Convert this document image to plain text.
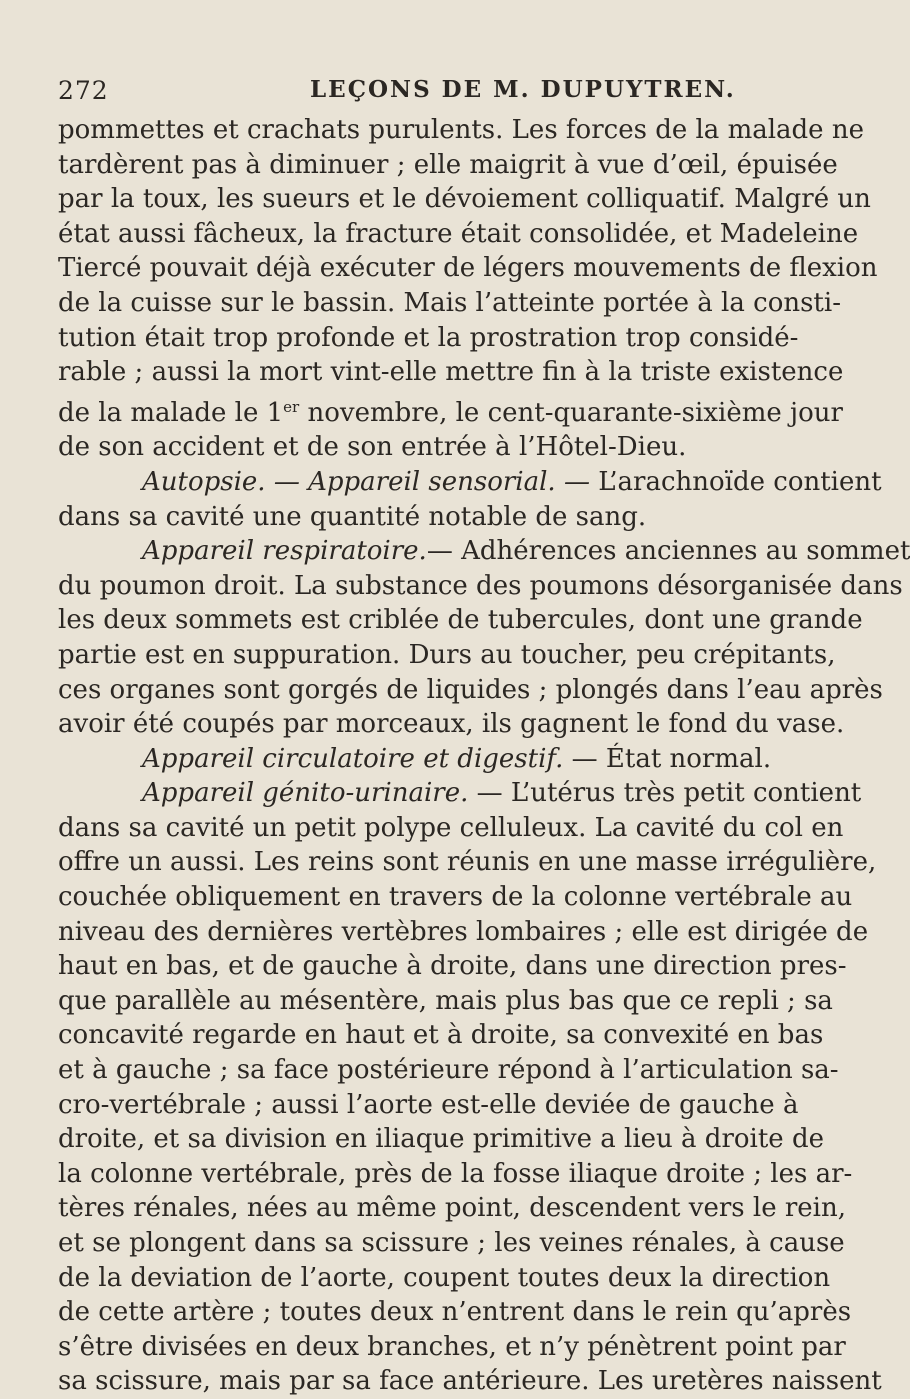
272	LEÇONS DE M. DUPUYTREN.
pommettes et crachats purulents. Les forces de la malade ne
tardèrent pas à diminuer ; elle maigrit à vue d’œil, épuisée
par la toux, les sueurs et le dévoiement colliquatif. Malgré un
état aussi fâcheux, la fracture était consolidée, et Madeleine
Tiercé pouvait déjà exécuter de légers mouvements de flexion
de la cuisse sur le bassin. Mais l’atteinte portée à la consti-
tution était trop profonde et la prostration trop considé-
rable ; aussi la mort vint-elle mettre fin à la triste existence
de la malade le 1er novembre, le cent-quarante-sixième jour
de son accident et de son entrée à l’Hôtel-Dieu.
Autopsie. — Appareil sensorial. — L’arachnoïde contient
dans sa cavité une quantité notable de sang.
Appareil respiratoire.— Adhérences anciennes au sommet
du poumon droit. La substance des poumons désorganisée dans
les deux sommets est criblée de tubercules, dont une grande
partie est en suppuration. Durs au toucher, peu crépitants,
ces organes sont gorgés de liquides ; plongés dans l’eau après
avoir été coupés par morceaux, ils gagnent le fond du vase.
Appareil circulatoire et digestif. — État normal.
Appareil génito-urinaire. — L’utérus très petit contient
dans sa cavité un petit polype celluleux. La cavité du col en
offre un aussi. Les reins sont réunis en une masse irrégulière,
couchée obliquement en travers de la colonne vertébrale au
niveau des dernières vertèbres lombaires ; elle est dirigée de
haut en bas, et de gauche à droite, dans une direction pres-
que parallèle au mésentère, mais plus bas que ce repli ; sa
concavité regarde en haut et à droite, sa convexité en bas
et à gauche ; sa face postérieure répond à l’articulation sa-
cro-vertébrale ; aussi l’aorte est-elle deviée de gauche à
droite, et sa division en iliaque primitive a lieu à droite de
la colonne vertébrale, près de la fosse iliaque droite ; les ar-
tères rénales, nées au même point, descendent vers le rein,
et se plongent dans sa scissure ; les veines rénales, à cause
de la deviation de l’aorte, coupent toutes deux la direction
de cette artère ; toutes deux n’entrent dans le rein qu’après
s’être divisées en deux branches, et n’y pénètrent point par
sa scissure, mais par sa face antérieure. Les uretères naissent
